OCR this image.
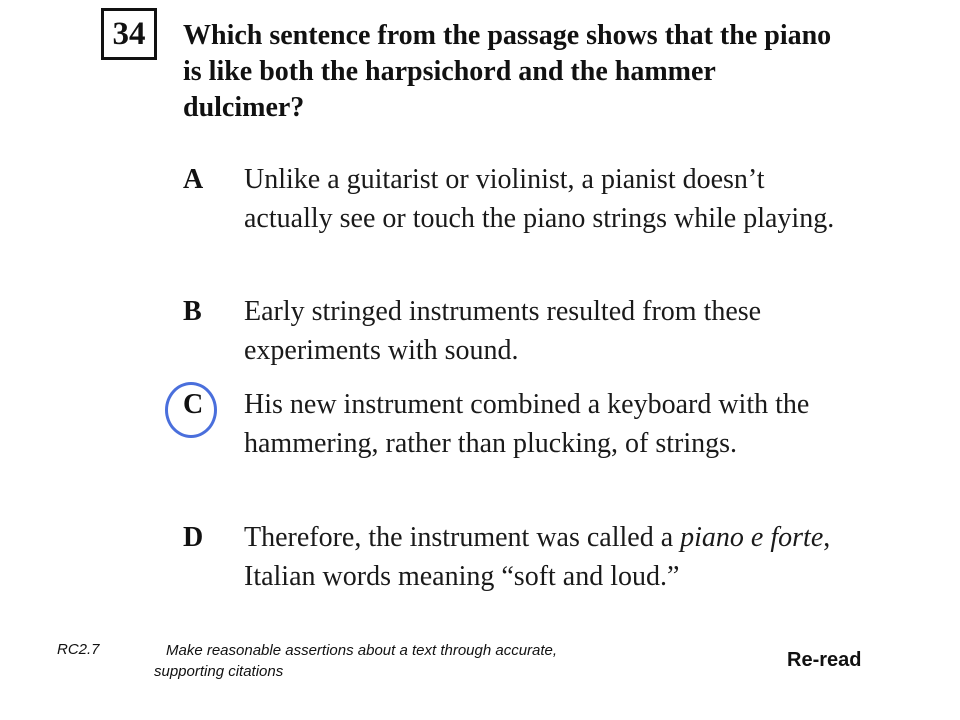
34	Which sentence from the passage shows that the piano is like both the harpsichord and the hammer dulcimer?
A Unlike a guitarist or violinist, a pianist doesn’t actually see or touch the piano strings while playing.
B Early stringed instruments resulted from these experiments with sound.
C His new instrument combined a keyboard with the hammering, rather than plucking, of strings.
D Therefore, the instrument was called a piano e forte, Italian words meaning “soft and loud.”
RC2.7	Make reasonable assertions about a text through accurate,
supporting citations
Re-read
